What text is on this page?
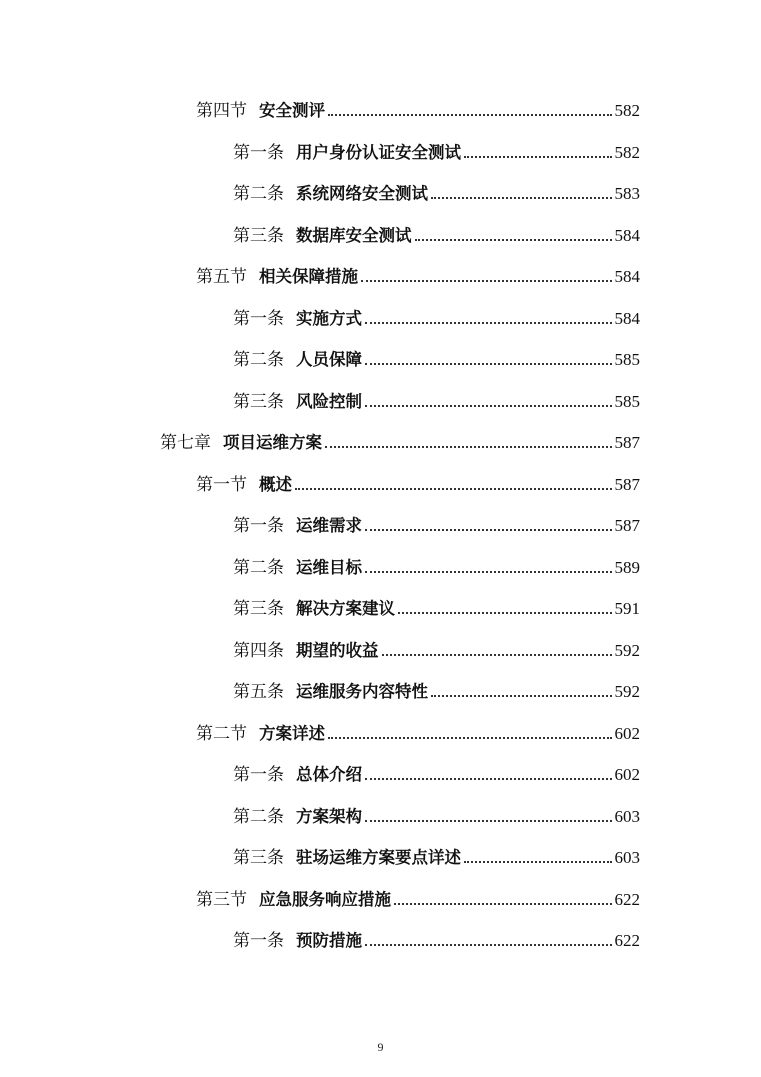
第四节 安全测评	582
第一条 用户身份认证安全测试	582
第二条 系统网络安全测试	583
第三条 数据库安全测试	584
第五节 相关保障措施	584
第一条 实施方式	584
第二条 人员保障	585
第三条 风险控制	585
第七章 项目运维方案	587
第一节 概述	587
第一条 运维需求	587
第二条 运维目标	589
第三条 解决方案建议	591
第四条 期望的收益	592
第五条 运维服务内容特性	592
第二节 方案详述	602
第一条 总体介绍	602
第二条 方案架构	603
第三条 驻场运维方案要点详述	603
第三节 应急服务响应措施	622
第一条 预防措施	622
9
